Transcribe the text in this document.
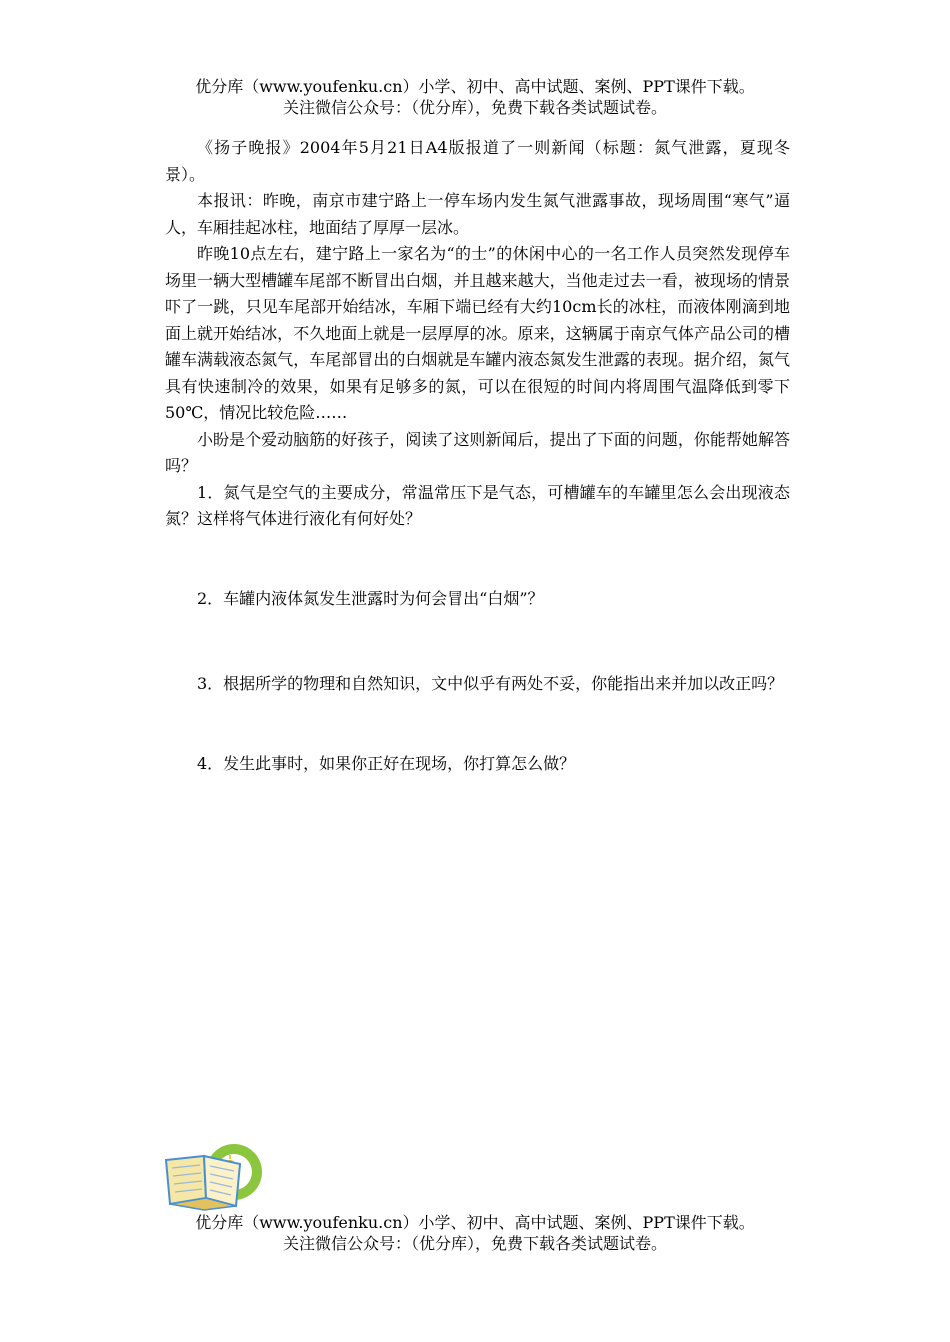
优分库（www.youfenku.cn）小学、初中、高中试题、案例、PPT课件下载。
关注微信公众号：（优分库），免费下载各类试题试卷。

《扬子晚报》2004年5月21日A4版报道了一则新闻（标题：氮气泄露，夏现冬景）。

本报讯：昨晚，南京市建宁路上一停车场内发生氮气泄露事故，现场周围“寒气”逼人，车厢挂起冰柱，地面结了厚厚一层冰。

昨晚10点左右，建宁路上一家名为“的士”的休闲中心的一名工作人员突然发现停车场里一辆大型槽罐车尾部不断冒出白烟，并且越来越大，当他走过去一看，被现场的情景吓了一跳，只见车尾部开始结冰，车厢下端已经有大约10cm长的冰柱，而液体刚滴到地面上就开始结冰，不久地面上就是一层厚厚的冰。原来，这辆属于南京气体产品公司的槽罐车满载液态氮气，车尾部冒出的白烟就是车罐内液态氮发生泄露的表现。据介绍，氮气具有快速制冷的效果，如果有足够多的氮，可以在很短的时间内将周围气温降低到零下50℃，情况比较危险……

小盼是个爱动脑筋的好孩子，阅读了这则新闻后，提出了下面的问题，你能帮她解答吗？

1．氮气是空气的主要成分，常温常压下是气态，可槽罐车的车罐里怎么会出现液态氮？这样将气体进行液化有何好处？

2．车罐内液体氮发生泄露时为何会冒出“白烟”？

3．根据所学的物理和自然知识，文中似乎有两处不妥，你能指出来并加以改正吗？

4．发生此事时，如果你正好在现场，你打算怎么做？

优分库（www.youfenku.cn）小学、初中、高中试题、案例、PPT课件下载。
关注微信公众号：（优分库），免费下载各类试题试卷。
